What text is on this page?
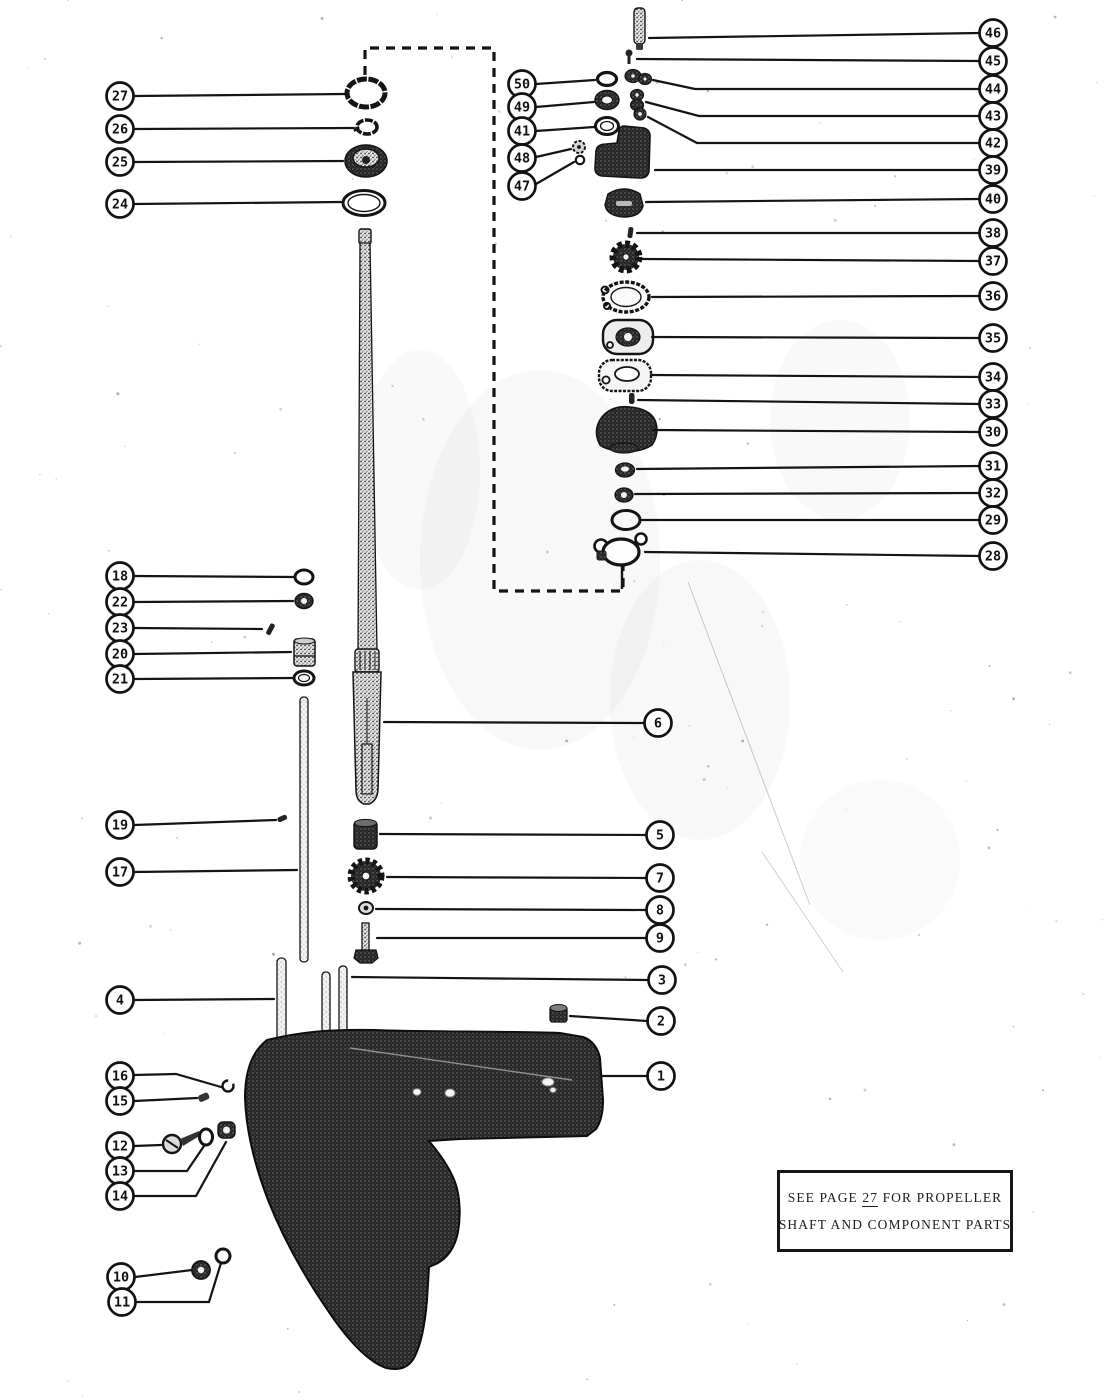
27
26
25
24
50
49
41
48
47
46
45
44
43
42
39
40
38
37
36
35
34
33
30
31
32
29
28
18
22
23
20
21
19
17
6
5
7
8
9
3
2
1
4
16
15
12
13
14
10
11
SEE PAGE 27 FOR PROPELLER
SHAFT AND COMPONENT PARTS
